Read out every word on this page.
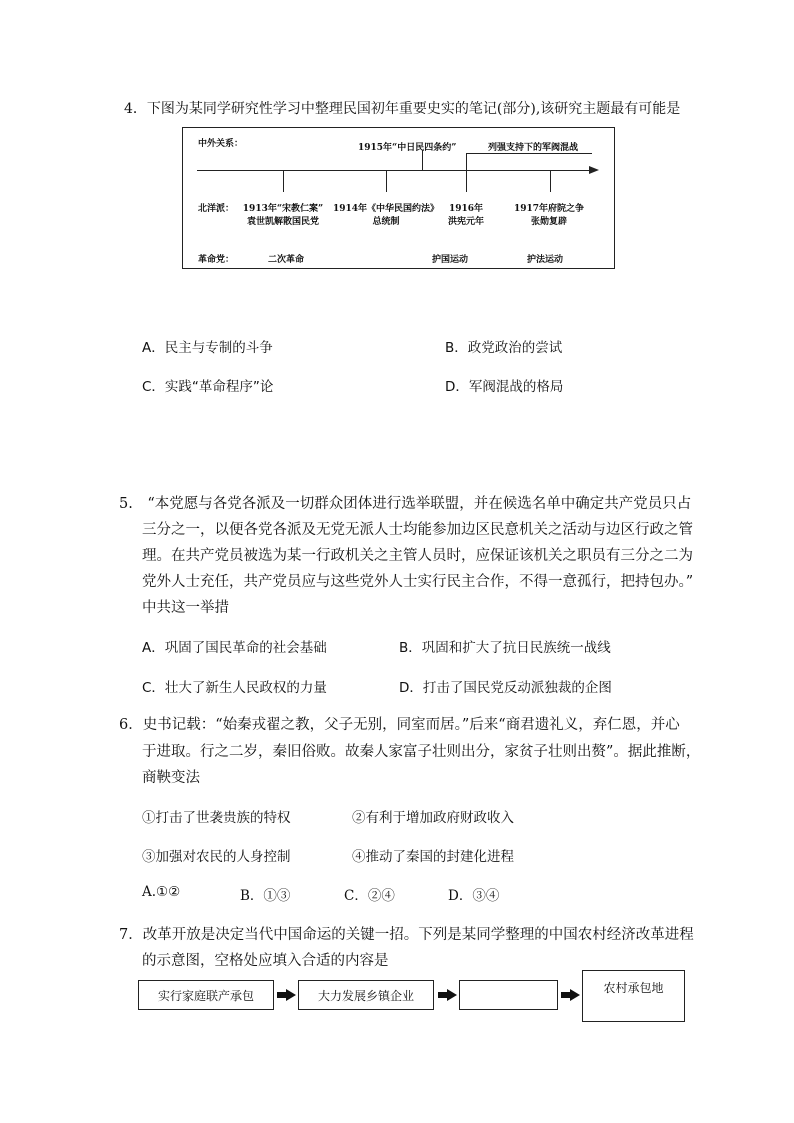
4．下图为某同学研究性学习中整理民国初年重要史实的笔记(部分),该研究主题最有可能是
中外关系：	1915年“中日民四条约”	列强支持下的军阀混战
北洋派： 1913年“宋教仁案”
袁世凯解散国民党
1914年《中华民国约法》
总统制
1916年
洪宪元年
1917年府院之争
张勋复辟
革命党：	二次革命	护国运动	护法运动
A．民主与专制的斗争	B．政党政治的尝试
C．实践“革命程序”论	D．军阀混战的格局
5.　“本党愿与各党各派及一切群众团体进行选举联盟，并在候选名单中确定共产党员只占
三分之一，以便各党各派及无党无派人士均能参加边区民意机关之活动与边区行政之管
理。在共产党员被选为某一行政机关之主管人员时，应保证该机关之职员有三分之二为
党外人士充任，共产党员应与这些党外人士实行民主合作，不得一意孤行，把持包办。”
中共这一举措
A．巩固了国民革命的社会基础	B．巩固和扩大了抗日民族统一战线
C．壮大了新生人民政权的力量	D．打击了国民党反动派独裁的企图
6．史书记载：“始秦戎翟之教，父子无别，同室而居。”后来“商君遗礼义，弃仁恩，并心
于进取。行之二岁，秦旧俗败。故秦人家富子壮则出分，家贫子壮则出赘”。据此推断，
商鞅变法
①打击了世袭贵族的特权	②有利于增加政府财政收入
③加强对农民的人身控制	④推动了秦国的封建化进程
A.①②	B．①③	C．②④	D．③④
7．改革开放是决定当代中国命运的关键一招。下列是某同学整理的中国农村经济改革进程
的示意图，空格处应填入合适的内容是
实行家庭联产承包	大力发展乡镇企业
农村承包地
